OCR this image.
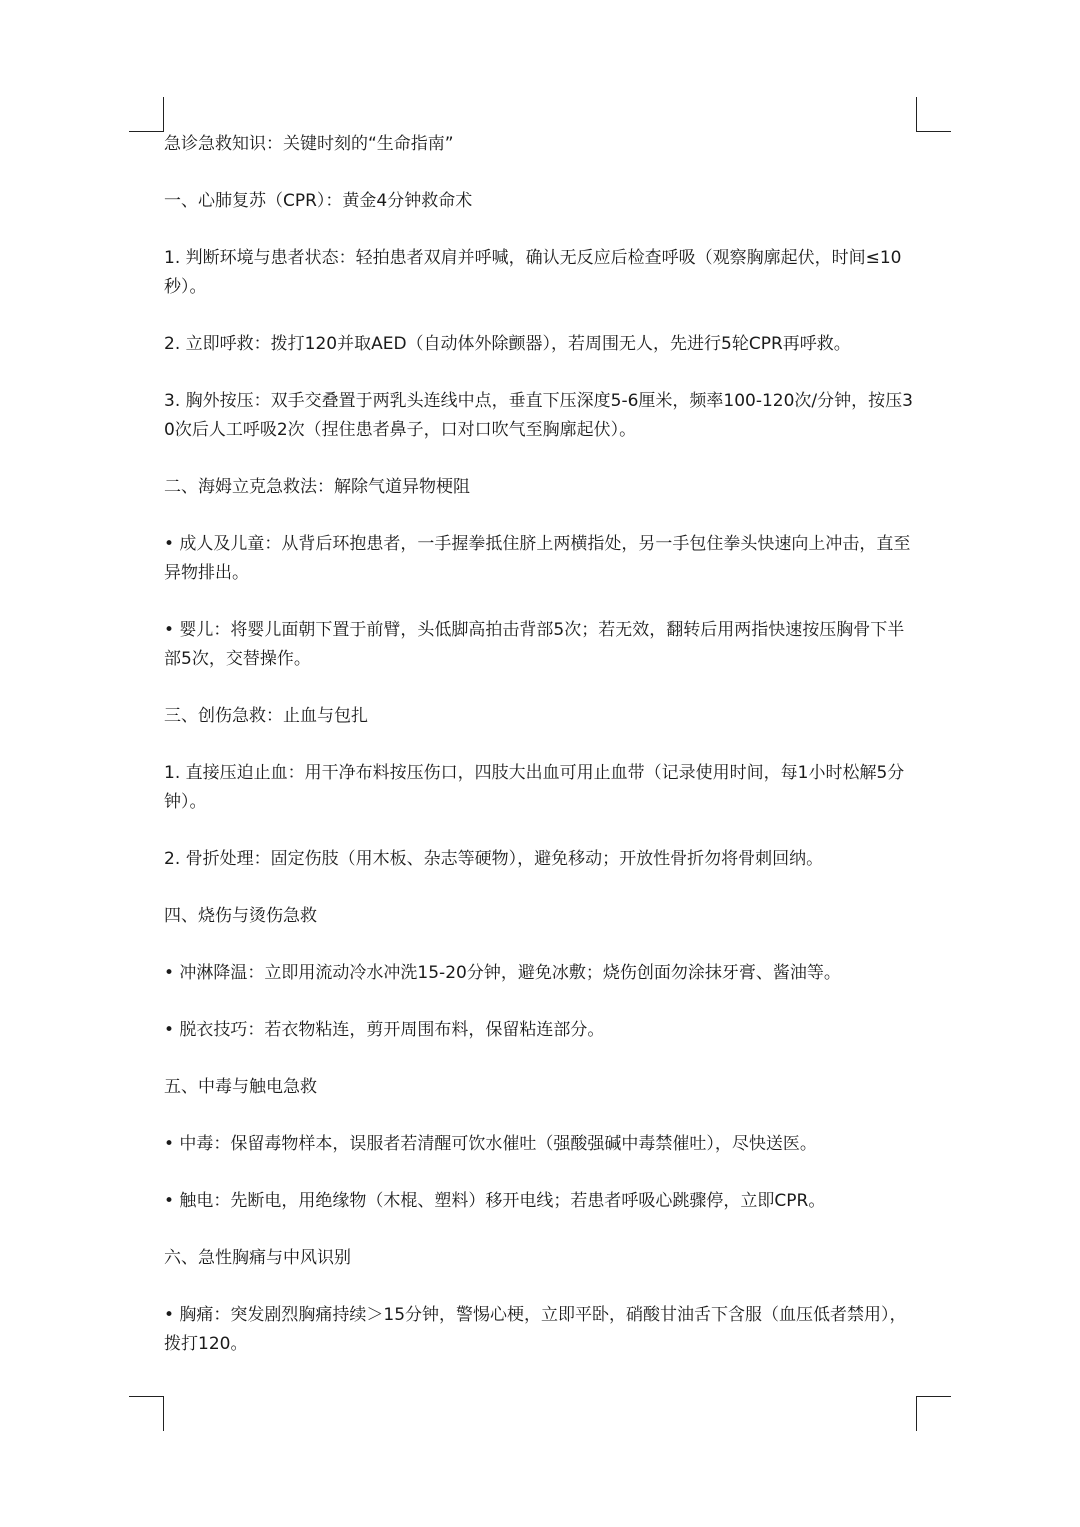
急诊急救知识：关键时刻的“生命指南”

一、心肺复苏（CPR）：黄金4分钟救命术

1. 判断环境与患者状态：轻拍患者双肩并呼喊，确认无反应后检查呼吸（观察胸廓起伏，时间≤10秒）。

2. 立即呼救：拨打120并取AED（自动体外除颤器），若周围无人，先进行5轮CPR再呼救。

3. 胸外按压：双手交叠置于两乳头连线中点，垂直下压深度5-6厘米，频率100-120次/分钟，按压30次后人工呼吸2次（捏住患者鼻子，口对口吹气至胸廓起伏）。

二、海姆立克急救法：解除气道异物梗阻

• 成人及儿童：从背后环抱患者，一手握拳抵住脐上两横指处，另一手包住拳头快速向上冲击，直至异物排出。

• 婴儿：将婴儿面朝下置于前臂，头低脚高拍击背部5次；若无效，翻转后用两指快速按压胸骨下半部5次，交替操作。

三、创伤急救：止血与包扎

1. 直接压迫止血：用干净布料按压伤口，四肢大出血可用止血带（记录使用时间，每1小时松解5分钟）。

2. 骨折处理：固定伤肢（用木板、杂志等硬物），避免移动；开放性骨折勿将骨刺回纳。

四、烧伤与烫伤急救

• 冲淋降温：立即用流动冷水冲洗15-20分钟，避免冰敷；烧伤创面勿涂抹牙膏、酱油等。

• 脱衣技巧：若衣物粘连，剪开周围布料，保留粘连部分。

五、中毒与触电急救

• 中毒：保留毒物样本，误服者若清醒可饮水催吐（强酸强碱中毒禁催吐），尽快送医。

• 触电：先断电，用绝缘物（木棍、塑料）移开电线；若患者呼吸心跳骤停，立即CPR。

六、急性胸痛与中风识别

• 胸痛：突发剧烈胸痛持续＞15分钟，警惕心梗，立即平卧，硝酸甘油舌下含服（血压低者禁用），拨打120。
